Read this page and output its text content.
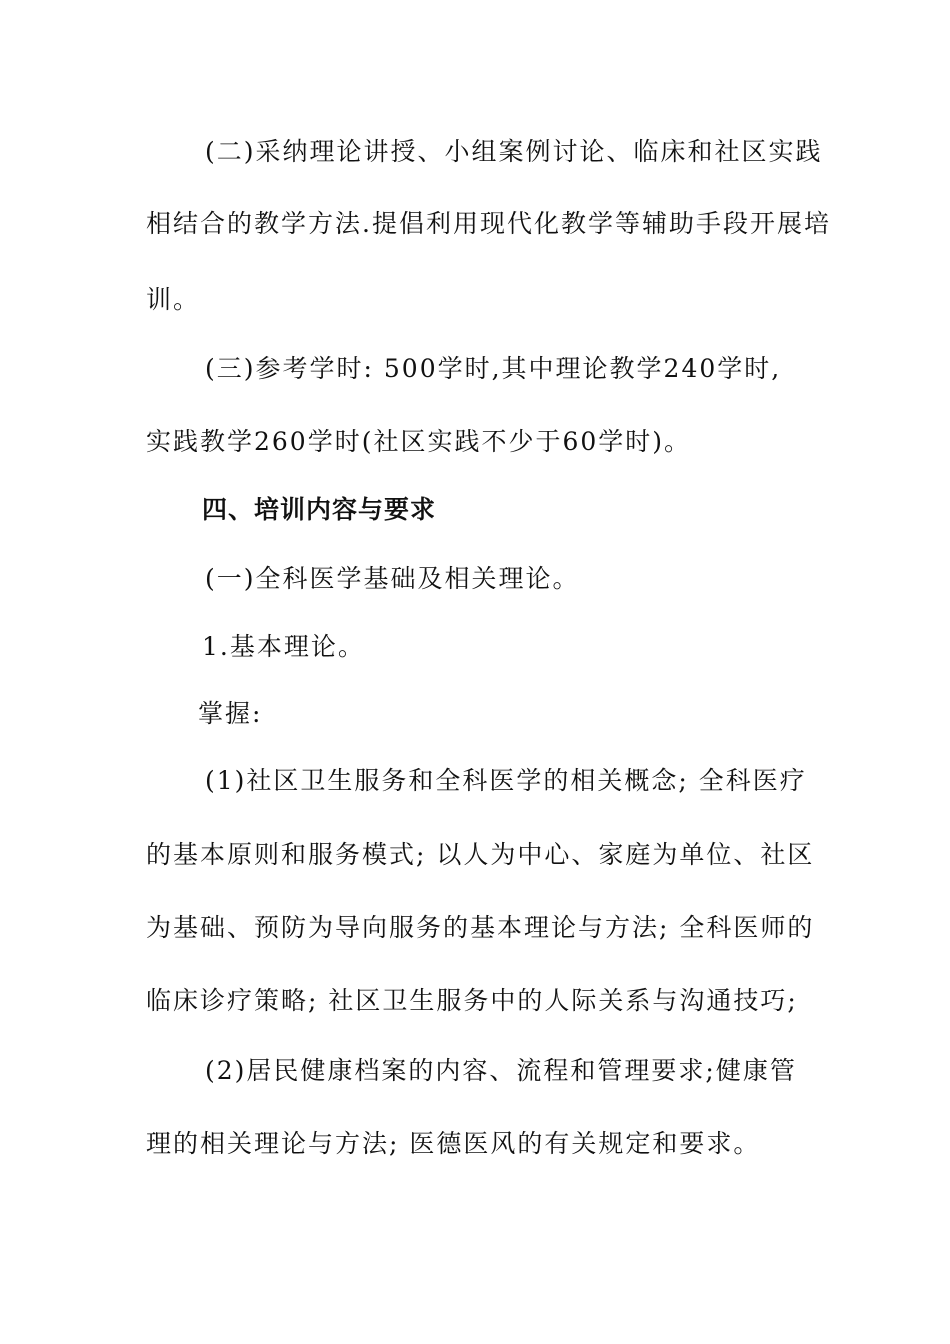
(二)采纳理论讲授、小组案例讨论、临床和社区实践
相结合的教学方法.提倡利用现代化教学等辅助手段开展培
训。
(三)参考学时: 500学时,其中理论教学240学时,
实践教学260学时(社区实践不少于60学时)。
四、培训内容与要求
(一)全科医学基础及相关理论。
1.基本理论。
掌握:
(1)社区卫生服务和全科医学的相关概念; 全科医疗
的基本原则和服务模式; 以人为中心、家庭为单位、社区
为基础、预防为导向服务的基本理论与方法; 全科医师的
临床诊疗策略; 社区卫生服务中的人际关系与沟通技巧;
(2)居民健康档案的内容、流程和管理要求;健康管
理的相关理论与方法; 医德医风的有关规定和要求。
